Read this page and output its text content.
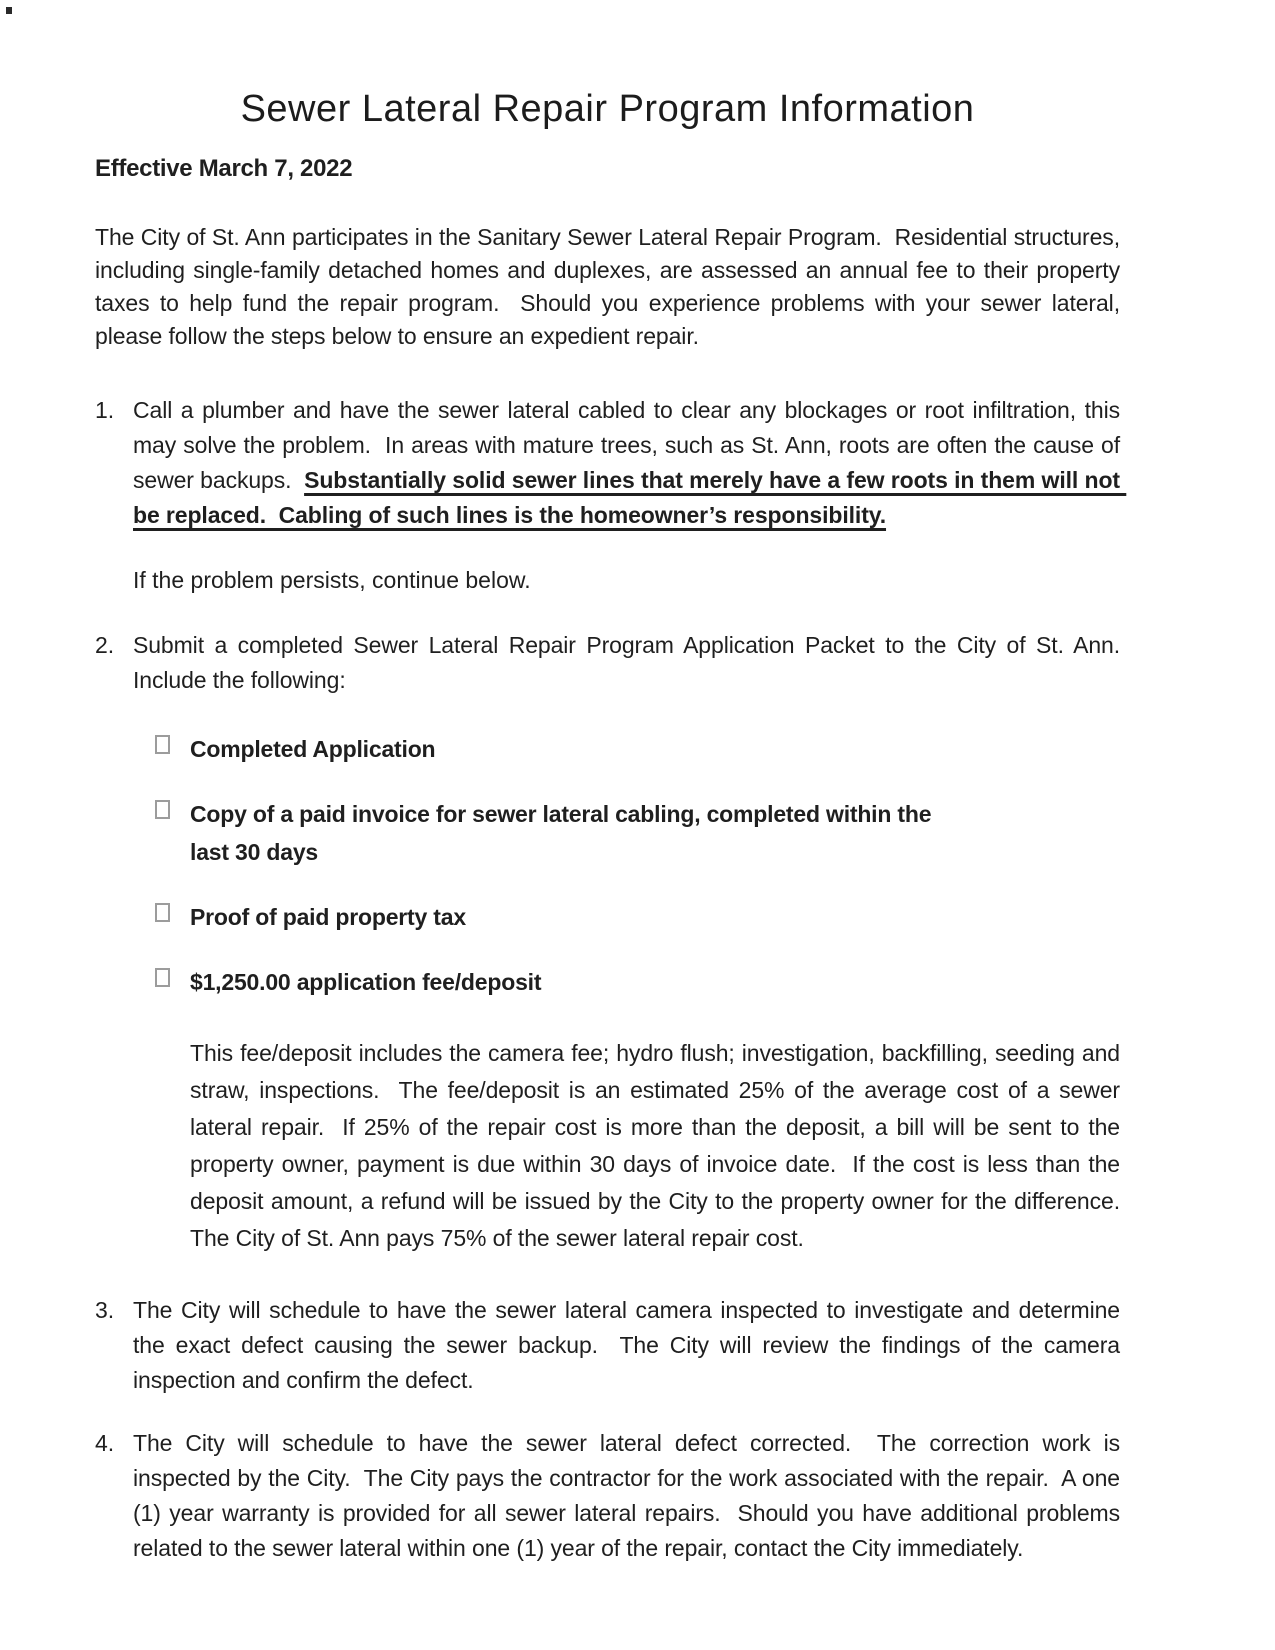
Sewer Lateral Repair Program Information
Effective March 7, 2022

The City of St. Ann participates in the Sanitary Sewer Lateral Repair Program.  Residential structures, including single-family detached homes and duplexes, are assessed an annual fee to their property taxes to help fund the repair program.  Should you experience problems with your sewer lateral, please follow the steps below to ensure an expedient repair.

1. Call a plumber and have the sewer lateral cabled to clear any blockages or root infiltration, this may solve the problem.  In areas with mature trees, such as St. Ann, roots are often the cause of sewer backups.  Substantially solid sewer lines that merely have a few roots in them will not be replaced.  Cabling of such lines is the homeowner’s responsibility.

If the problem persists, continue below.

2. Submit a completed Sewer Lateral Repair Program Application Packet to the City of St. Ann.  Include the following:
Completed Application
Copy of a paid invoice for sewer lateral cabling, completed within the last 30 days
Proof of paid property tax
$1,250.00 application fee/deposit

This fee/deposit includes the camera fee; hydro flush; investigation, backfilling, seeding and straw, inspections.  The fee/deposit is an estimated 25% of the average cost of a sewer lateral repair.  If 25% of the repair cost is more than the deposit, a bill will be sent to the property owner, payment is due within 30 days of invoice date.  If the cost is less than the deposit amount, a refund will be issued by the City to the property owner for the difference.  The City of St. Ann pays 75% of the sewer lateral repair cost.

3. The City will schedule to have the sewer lateral camera inspected to investigate and determine the exact defect causing the sewer backup.  The City will review the findings of the camera inspection and confirm the defect.
4. The City will schedule to have the sewer lateral defect corrected.  The correction work is inspected by the City.  The City pays the contractor for the work associated with the repair.  A one (1) year warranty is provided for all sewer lateral repairs.  Should you have additional problems related to the sewer lateral within one (1) year of the repair, contact the City immediately.
